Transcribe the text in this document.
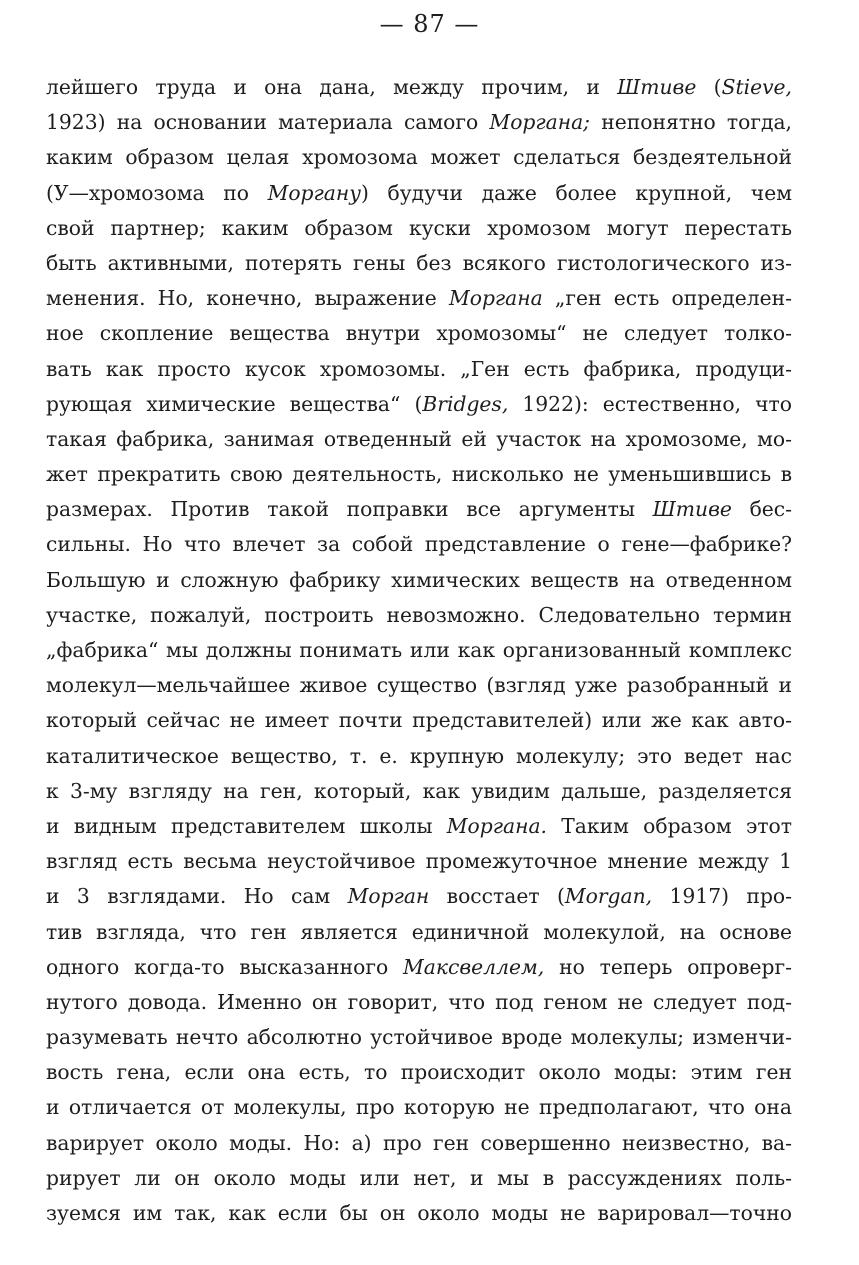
— 87 —
лейшего труда и она дана, между прочим, и Штиве (Stieve,
1923) на основании материала самого Моргана; непонятно тогда,
каким образом целая хромозома может сделаться бездеятельной
(У—хромозома по Моргану) будучи даже более крупной, чем
свой партнер; каким образом куски хромозом могут перестать
быть активными, потерять гены без всякого гистологического из-
менения. Но, конечно, выражение Моргана „ген есть определен-
ное скопление вещества внутри хромозомы“ не следует толко-
вать как просто кусок хромозомы. „Ген есть фабрика, продуци-
рующая химические вещества“ (Bridges, 1922): естественно, что
такая фабрика, занимая отведенный ей участок на хромозоме, мо-
жет прекратить свою деятельность, нисколько не уменьшившись в
размерах. Против такой поправки все аргументы Штиве бес-
сильны. Но что влечет за собой представление о гене—фабрике?
Большую и сложную фабрику химических веществ на отведенном
участке, пожалуй, построить невозможно. Следовательно термин
„фабрика“ мы должны понимать или как организованный комплекс
молекул—мельчайшее живое существо (взгляд уже разобранный и
который сейчас не имеет почти представителей) или же как авто-
каталитическое вещество, т. е. крупную молекулу; это ведет нас
к 3-му взгляду на ген, который, как увидим дальше, разделяется
и видным представителем школы Моргана. Таким образом этот
взгляд есть весьма неустойчивое промежуточное мнение между 1
и 3 взглядами. Но сам Морган восстает (Morgan, 1917) про-
тив взгляда, что ген является единичной молекулой, на основе
одного когда-то высказанного Максвеллем, но теперь опроверг-
нутого довода. Именно он говорит, что под геном не следует под-
разумевать нечто абсолютно устойчивое вроде молекулы; изменчи-
вость гена, если она есть, то происходит около моды: этим ген
и отличается от молекулы, про которую не предполагают, что она
варирует около моды. Но: а) про ген совершенно неизвестно, ва-
рирует ли он около моды или нет, и мы в рассуждениях поль-
зуемся им так, как если бы он около моды не варировал—точно
